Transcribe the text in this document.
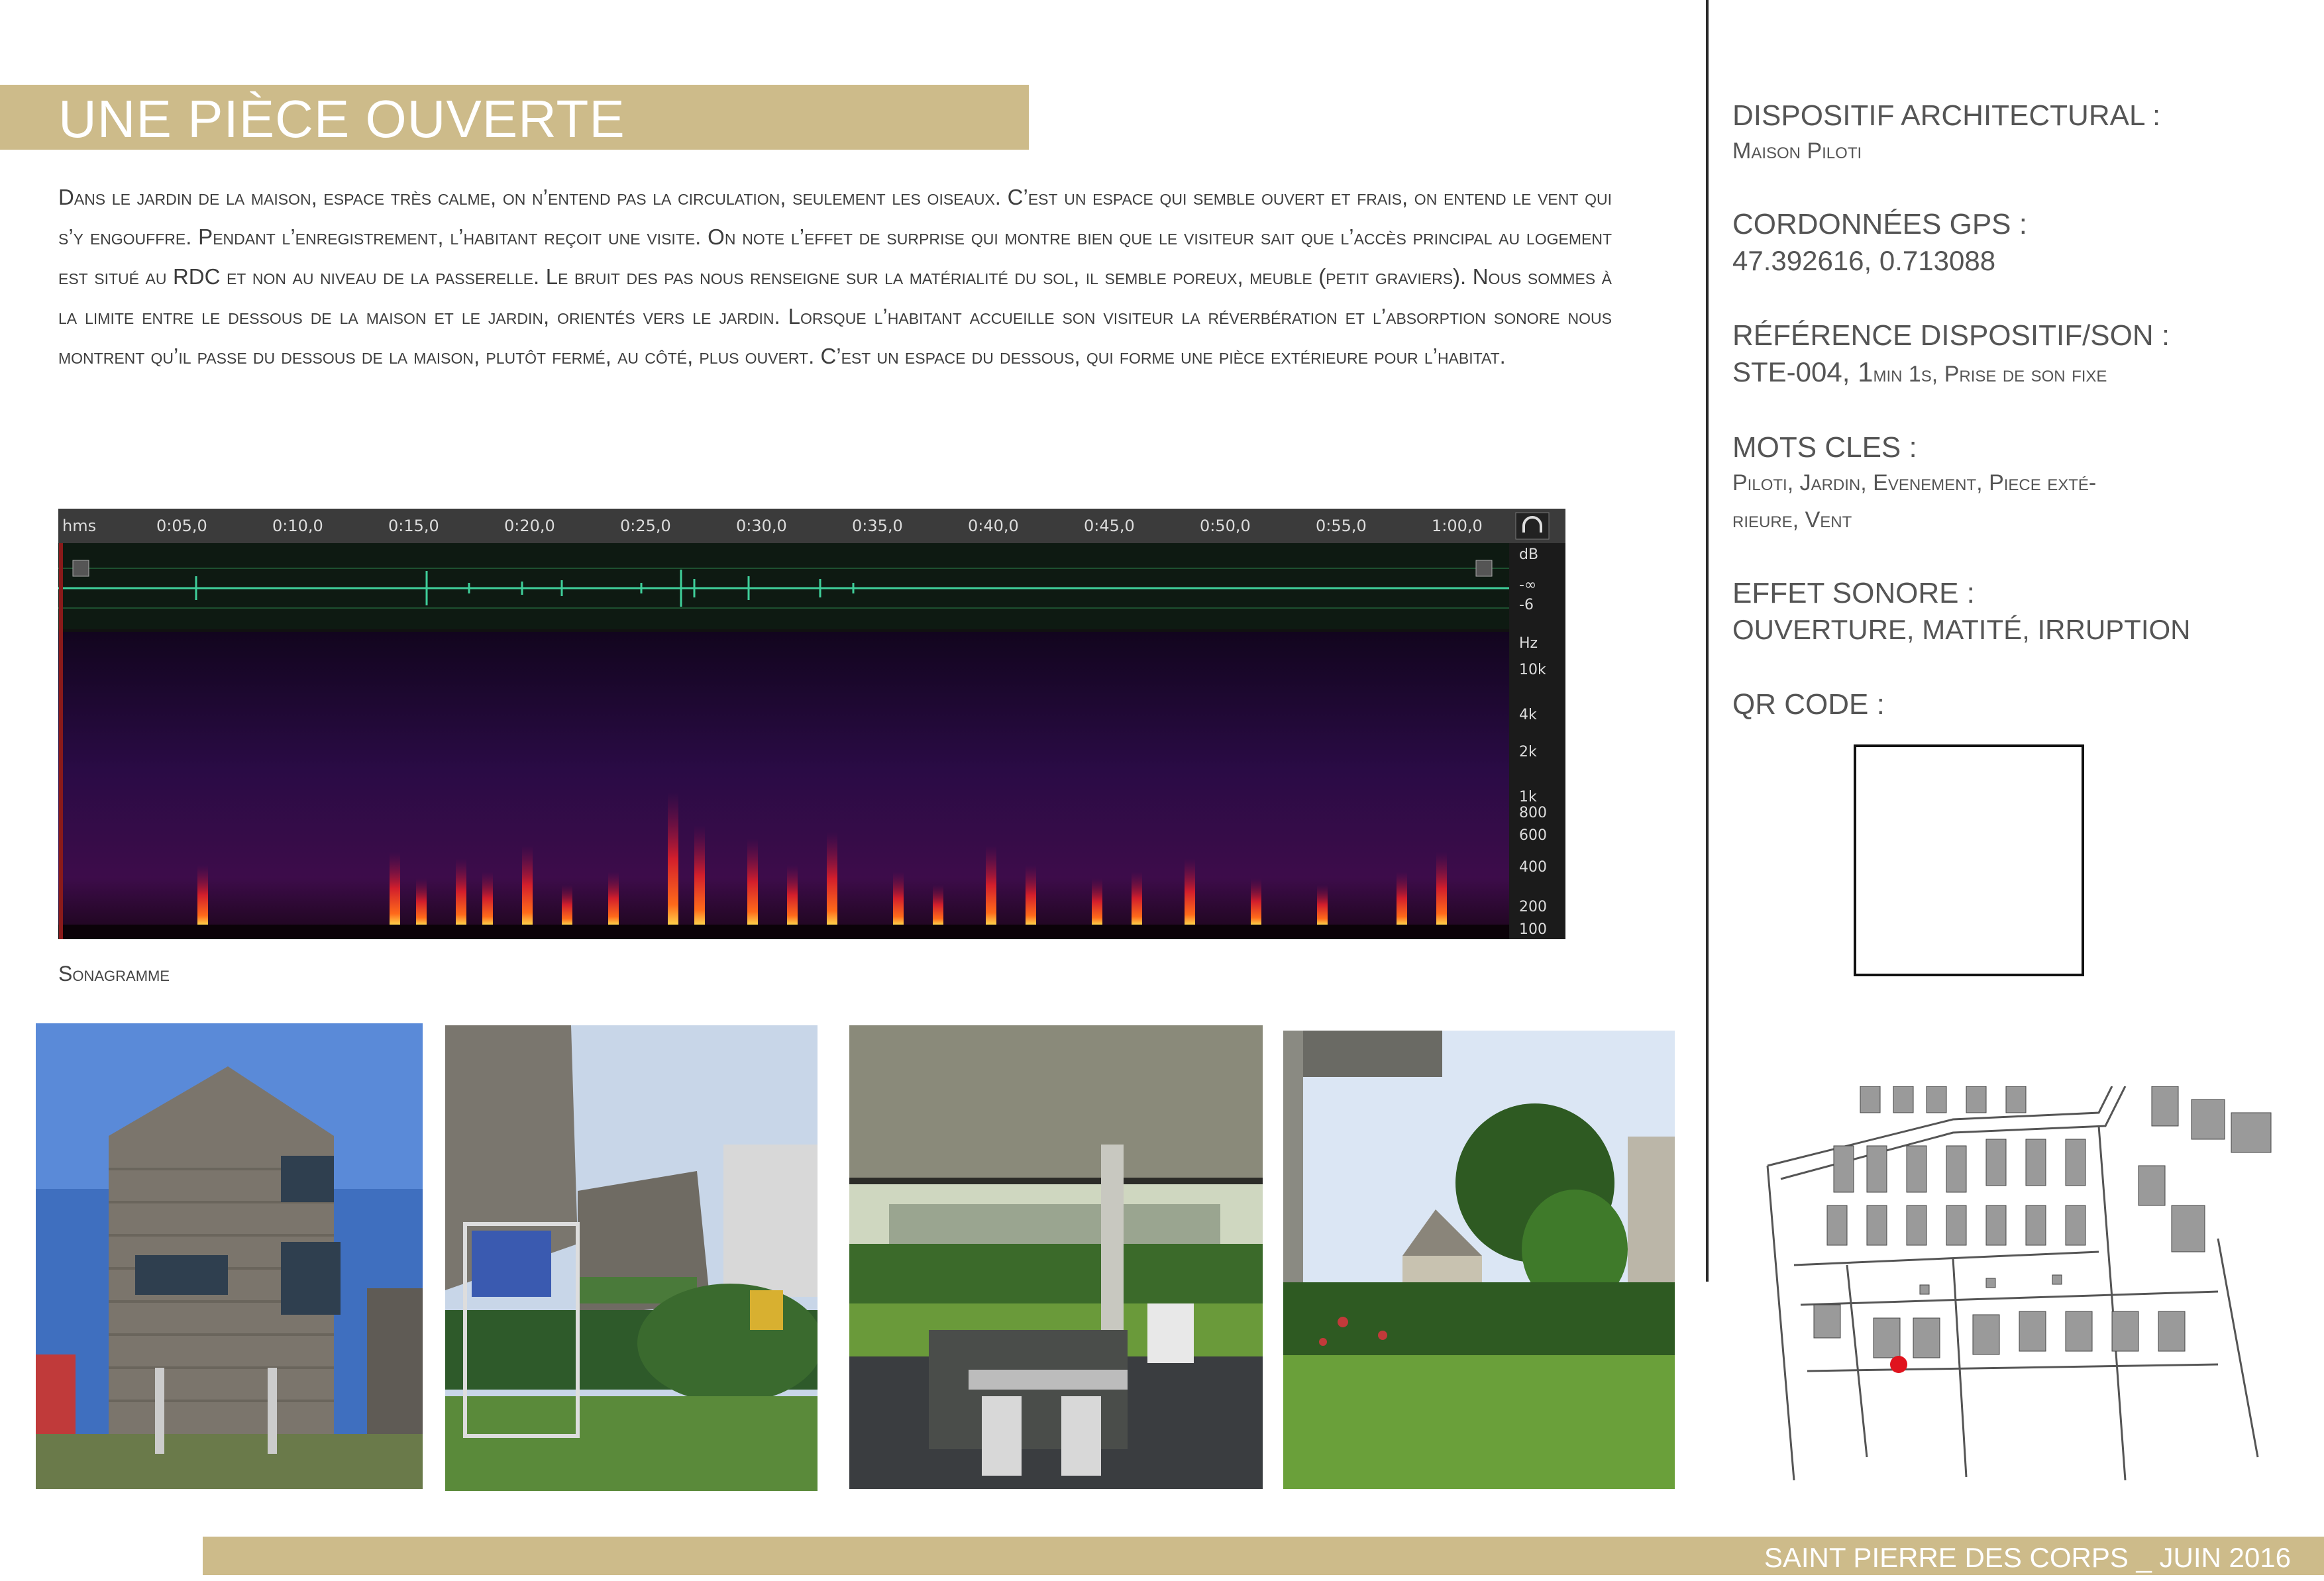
UNE PIÈCE OUVERTE
Dans le jardin de la maison, espace très calme, on n’entend pas la circulation, seulement les oiseaux. C’est un espace qui semble ouvert et frais, on entend le vent qui s’y engouffre. Pendant l’enregistrement, l’habitant reçoit une visite. On note l’effet de surprise qui montre bien que le visiteur sait que l’accès principal au logement est situé au RDC et non au niveau de la passerelle. Le bruit des pas nous renseigne sur la matérialité du sol, il semble poreux, meuble (petit graviers). Nous sommes à la limite entre le dessous de la maison et le jardin, orientés vers le jardin. Lorsque l’habitant accueille son visiteur la réverbération et l’absorption sonore nous montrent qu’il passe du dessous de la maison, plutôt fermé, au côté, plus ouvert. C’est un espace du dessous, qui forme une pièce extérieure pour l’habitat.
hms	0:05,0	0:10,0	0:15,0	0:20,0	0:25,0	0:30,0	0:35,0	0:40,0	0:45,0	0:50,0	0:55,0	1:00,0
dB
-∞
-6
Hz
10k
4k
2k
1k
800
600
400
200
100
Sonagramme
DISPOSITIF ARCHITECTURAL :
Maison Piloti
CORDONNÉES GPS :
47.392616, 0.713088
RÉFÉRENCE DISPOSITIF/SON :
STE-004, 1min 1s, Prise de son fixe
MOTS CLES :
Piloti, Jardin, Evenement, Piece exté-
rieure, Vent
EFFET SONORE :
OUVERTURE, MATITÉ, IRRUPTION
QR CODE :
SAINT PIERRE DES CORPS _ JUIN 2016
